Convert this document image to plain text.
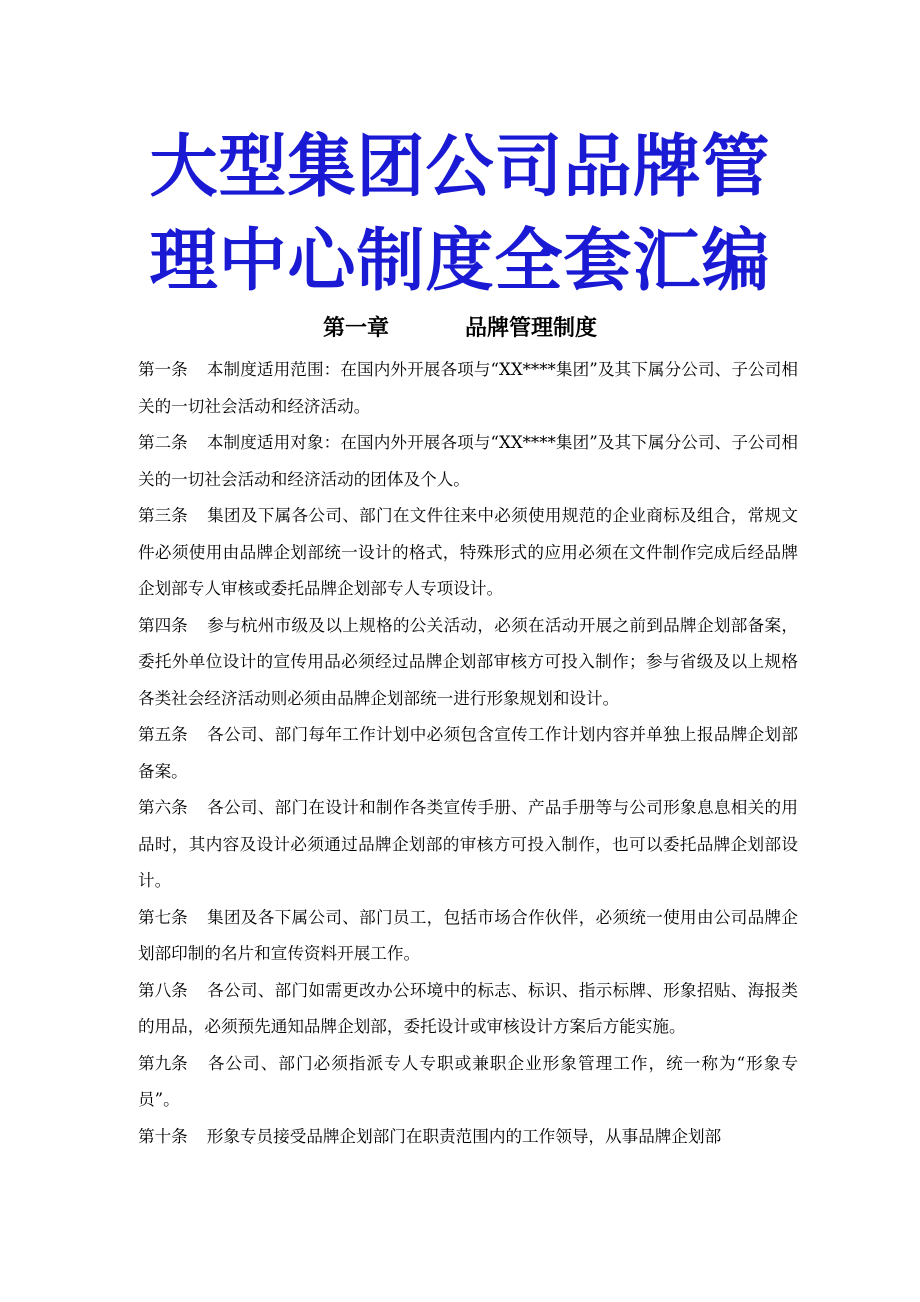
大型集团公司品牌管
理中心制度全套汇编
第一章	品牌管理制度

第一条 本制度适用范围：在国内外开展各项与“XX****集团”及其下属分公司、子公司相关的一切社会活动和经济活动。

第二条 本制度适用对象：在国内外开展各项与“XX****集团”及其下属分公司、子公司相关的一切社会活动和经济活动的团体及个人。

第三条 集团及下属各公司、部门在文件往来中必须使用规范的企业商标及组合，常规文件必须使用由品牌企划部统一设计的格式，特殊形式的应用必须在文件制作完成后经品牌企划部专人审核或委托品牌企划部专人专项设计。

第四条 参与杭州市级及以上规格的公关活动，必须在活动开展之前到品牌企划部备案，委托外单位设计的宣传用品必须经过品牌企划部审核方可投入制作；参与省级及以上规格各类社会经济活动则必须由品牌企划部统一进行形象规划和设计。

第五条 各公司、部门每年工作计划中必须包含宣传工作计划内容并单独上报品牌企划部备案。

第六条 各公司、部门在设计和制作各类宣传手册、产品手册等与公司形象息息相关的用品时，其内容及设计必须通过品牌企划部的审核方可投入制作，也可以委托品牌企划部设计。

第七条 集团及各下属公司、部门员工，包括市场合作伙伴，必须统一使用由公司品牌企划部印制的名片和宣传资料开展工作。

第八条 各公司、部门如需更改办公环境中的标志、标识、指示标牌、形象招贴、海报类的用品，必须预先通知品牌企划部，委托设计或审核设计方案后方能实施。

第九条 各公司、部门必须指派专人专职或兼职企业形象管理工作，统一称为“形象专员”。

第十条 形象专员接受品牌企划部门在职责范围内的工作领导，从事品牌企划部
